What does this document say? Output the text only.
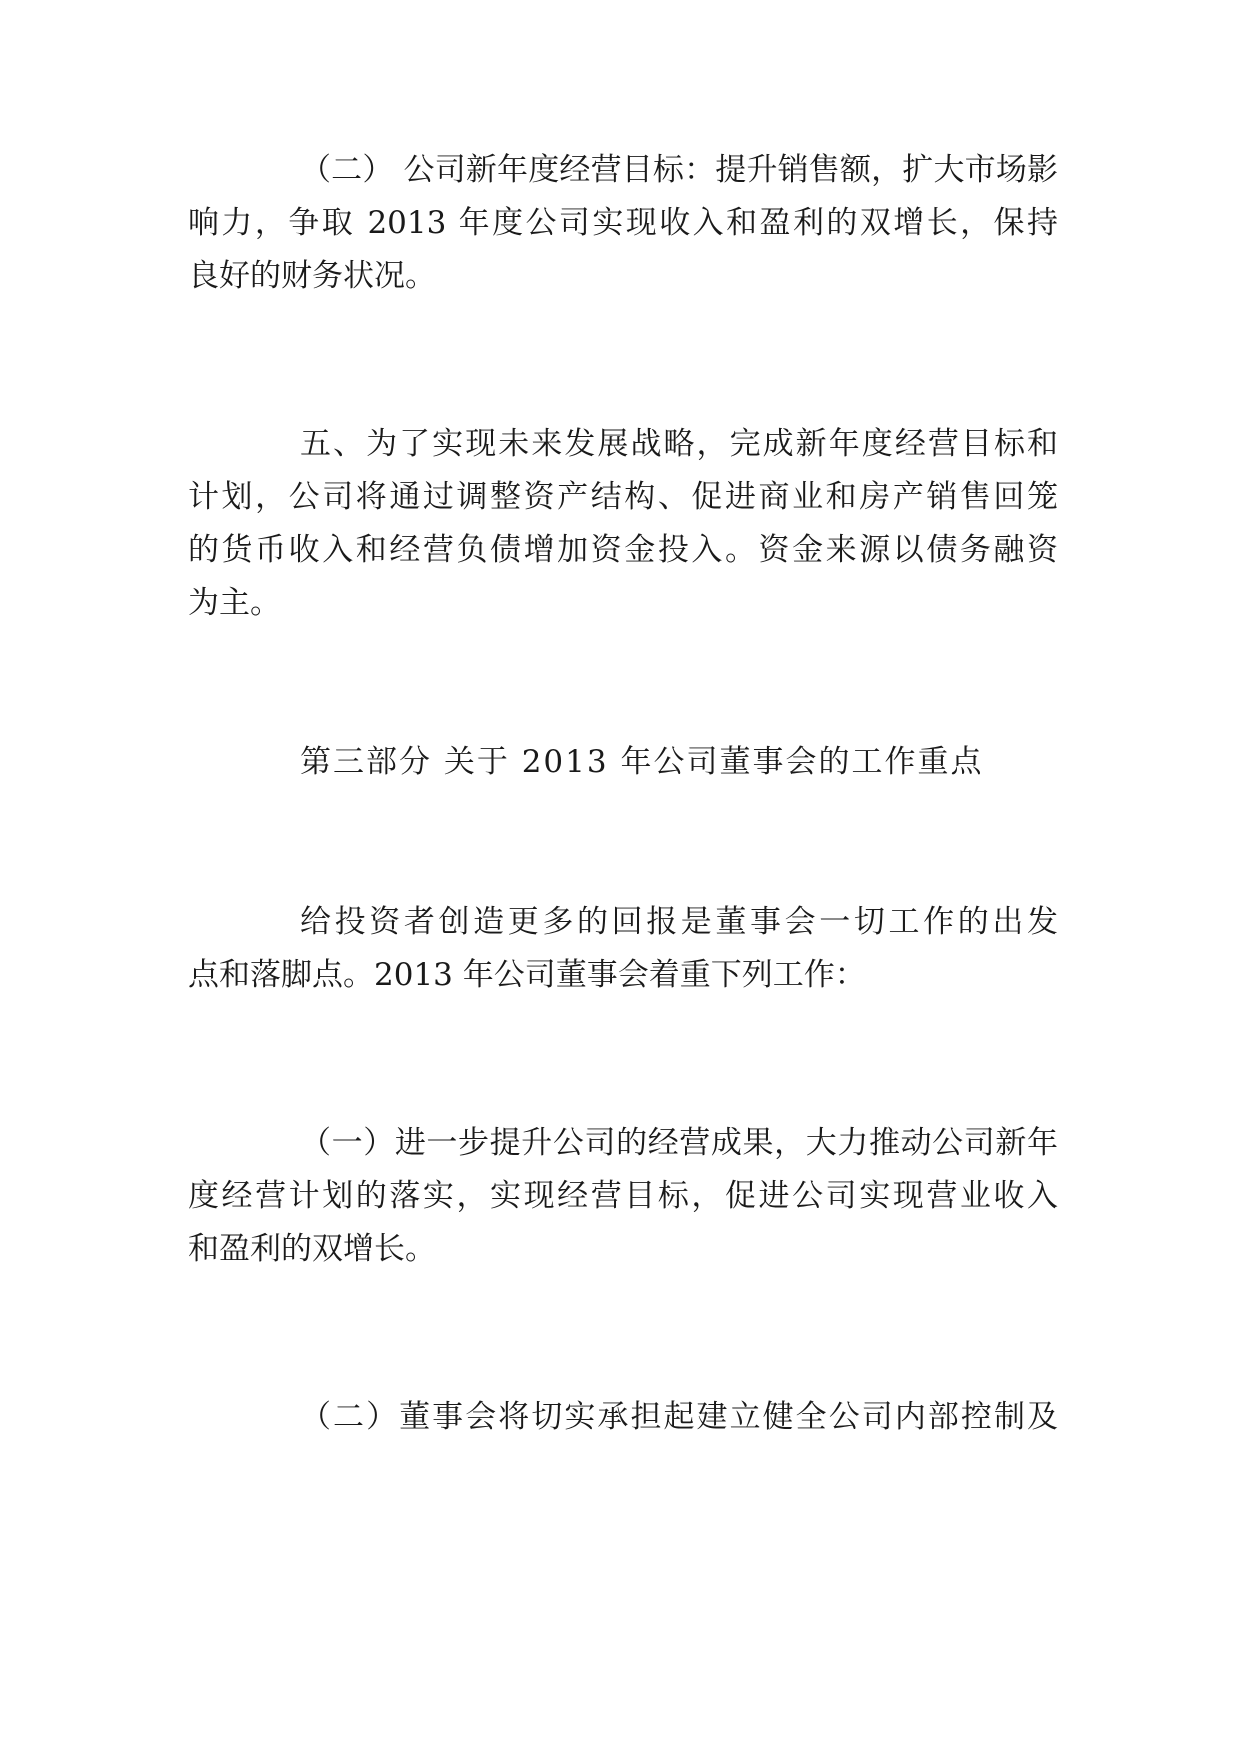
（二） 公司新年度经营目标：提升销售额，扩大市场影
响力，争取 2013 年度公司实现收入和盈利的双增长，保持
良好的财务状况。
五、为了实现未来发展战略，完成新年度经营目标和
计划，公司将通过调整资产结构、促进商业和房产销售回笼
的货币收入和经营负债增加资金投入。资金来源以债务融资
为主。
第三部分 关于 2013 年公司董事会的工作重点
给投资者创造更多的回报是董事会一切工作的出发
点和落脚点。2013 年公司董事会着重下列工作：
（一）进一步提升公司的经营成果，大力推动公司新年
度经营计划的落实，实现经营目标，促进公司实现营业收入
和盈利的双增长。
（二）董事会将切实承担起建立健全公司内部控制及
